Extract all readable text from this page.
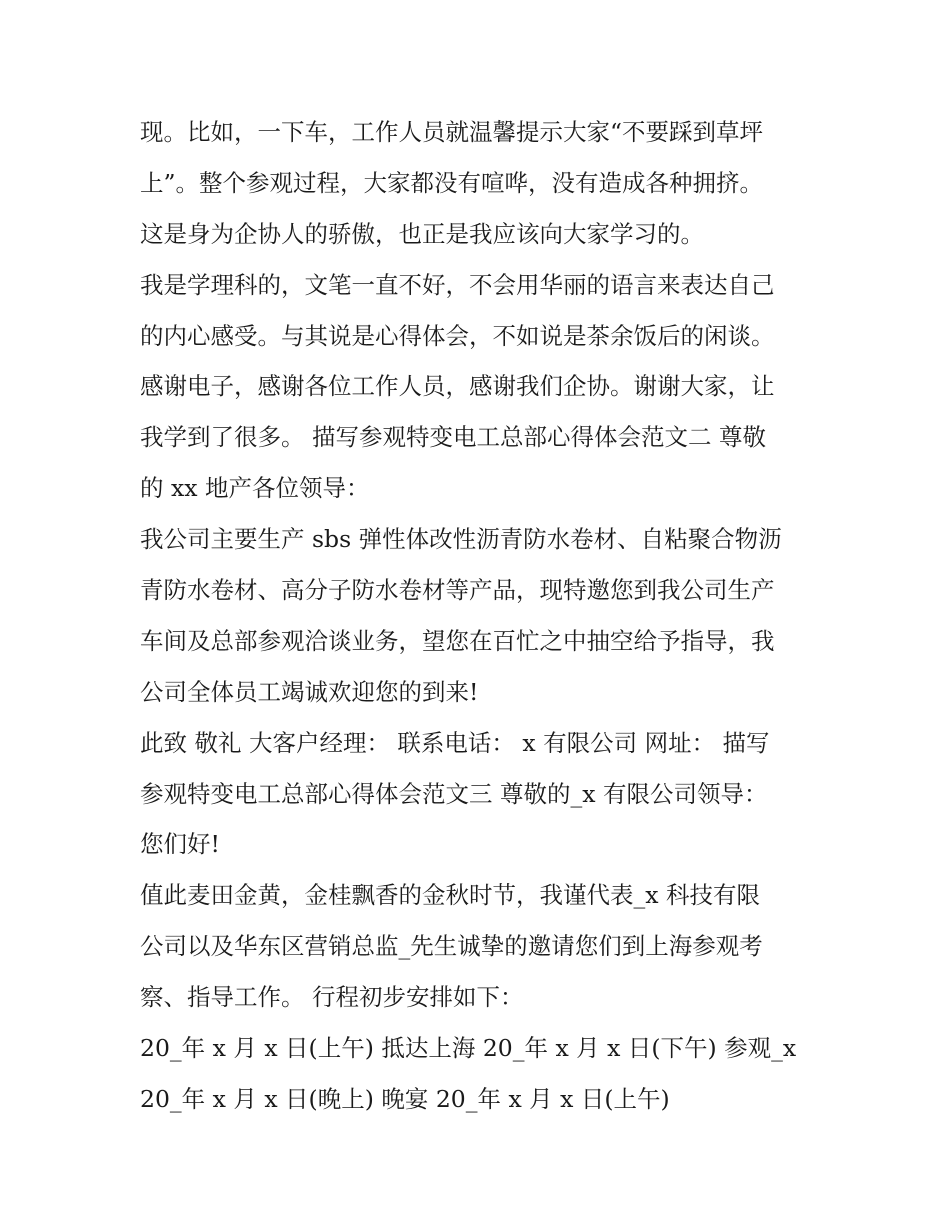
现。比如，一下车，工作人员就温馨提示大家“不要踩到草坪
上”。整个参观过程，大家都没有喧哗，没有造成各种拥挤。
这是身为企协人的骄傲，也正是我应该向大家学习的。
我是学理科的，文笔一直不好，不会用华丽的语言来表达自己
的内心感受。与其说是心得体会，不如说是茶余饭后的闲谈。
感谢电子，感谢各位工作人员，感谢我们企协。谢谢大家，让
我学到了很多。 描写参观特变电工总部心得体会范文二 尊敬
的 xx 地产各位领导：
我公司主要生产 sbs 弹性体改性沥青防水卷材、自粘聚合物沥
青防水卷材、高分子防水卷材等产品，现特邀您到我公司生产
车间及总部参观洽谈业务，望您在百忙之中抽空给予指导，我
公司全体员工竭诚欢迎您的到来!
此致 敬礼 大客户经理： 联系电话： x 有限公司 网址： 描写
参观特变电工总部心得体会范文三 尊敬的_x 有限公司领导：
您们好!
值此麦田金黄，金桂飘香的金秋时节，我谨代表_x 科技有限
公司以及华东区营销总监_先生诚挚的邀请您们到上海参观考
察、指导工作。 行程初步安排如下：
20_年 x 月 x 日(上午) 抵达上海 20_年 x 月 x 日(下午) 参观_x
20_年 x 月 x 日(晚上) 晚宴 20_年 x 月 x 日(上午)
